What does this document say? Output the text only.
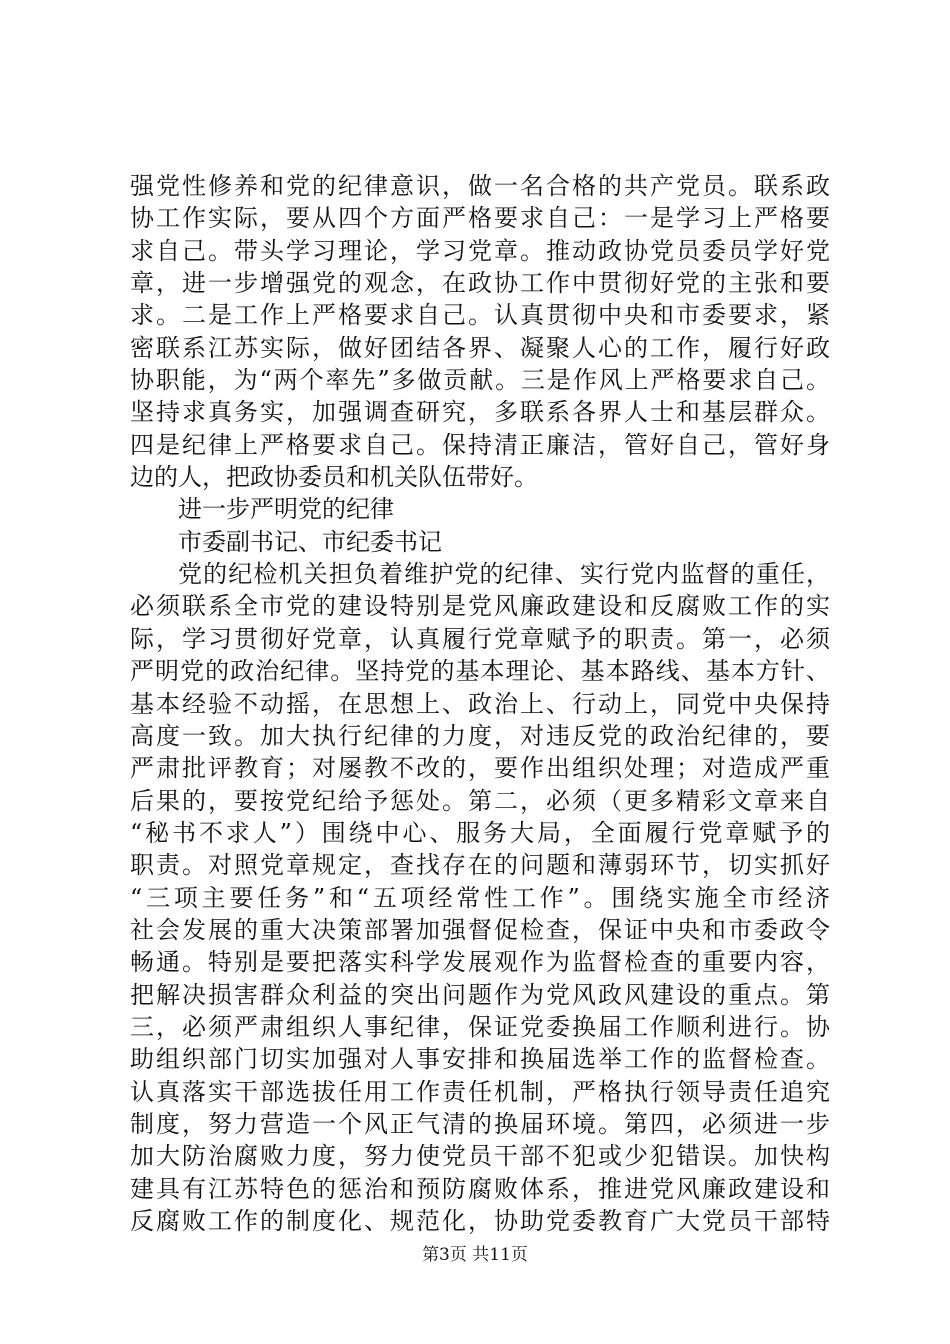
强党性修养和党的纪律意识，做一名合格的共产党员。联系政
协工作实际，要从四个方面严格要求自己：一是学习上严格要
求自己。带头学习理论，学习党章。推动政协党员委员学好党
章，进一步增强党的观念，在政协工作中贯彻好党的主张和要
求。二是工作上严格要求自己。认真贯彻中央和市委要求，紧
密联系江苏实际，做好团结各界、凝聚人心的工作，履行好政
协职能，为“两个率先”多做贡献。三是作风上严格要求自己。
坚持求真务实，加强调查研究，多联系各界人士和基层群众。
四是纪律上严格要求自己。保持清正廉洁，管好自己，管好身
边的人，把政协委员和机关队伍带好。
进一步严明党的纪律
市委副书记、市纪委书记
党的纪检机关担负着维护党的纪律、实行党内监督的重任，
必须联系全市党的建设特别是党风廉政建设和反腐败工作的实
际，学习贯彻好党章，认真履行党章赋予的职责。第一，必须
严明党的政治纪律。坚持党的基本理论、基本路线、基本方针、
基本经验不动摇，在思想上、政治上、行动上，同党中央保持
高度一致。加大执行纪律的力度，对违反党的政治纪律的，要
严肃批评教育；对屡教不改的，要作出组织处理；对造成严重
后果的，要按党纪给予惩处。第二，必须（更多精彩文章来自
“秘书不求人”）围绕中心、服务大局，全面履行党章赋予的
职责。对照党章规定，查找存在的问题和薄弱环节，切实抓好
“三项主要任务”和“五项经常性工作”。围绕实施全市经济
社会发展的重大决策部署加强督促检查，保证中央和市委政令
畅通。特别是要把落实科学发展观作为监督检查的重要内容，
把解决损害群众利益的突出问题作为党风政风建设的重点。第
三，必须严肃组织人事纪律，保证党委换届工作顺利进行。协
助组织部门切实加强对人事安排和换届选举工作的监督检查。
认真落实干部选拔任用工作责任机制，严格执行领导责任追究
制度，努力营造一个风正气清的换届环境。第四，必须进一步
加大防治腐败力度，努力使党员干部不犯或少犯错误。加快构
建具有江苏特色的惩治和预防腐败体系，推进党风廉政建设和
反腐败工作的制度化、规范化，协助党委教育广大党员干部特
第3页 共11页
